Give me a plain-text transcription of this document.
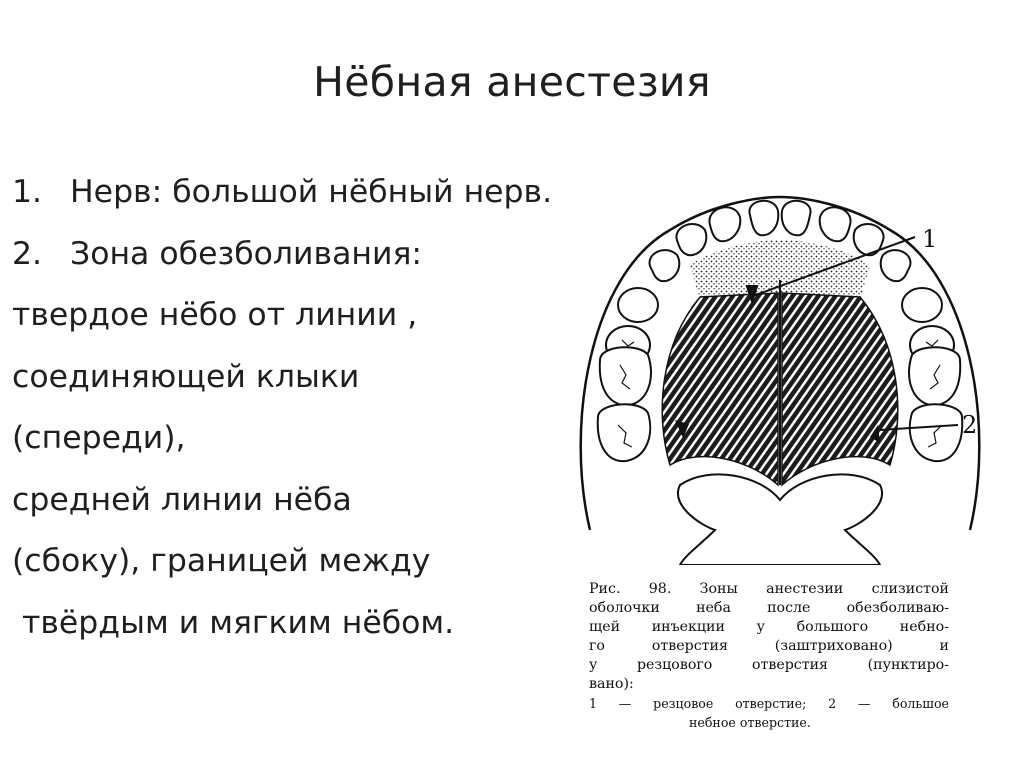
Нёбная анестезия
1. Нерв: большой нёбный нерв.
2. Зона обезболивания:
твердое нёбо от линии ,
соединяющей клыки
(спереди),
средней линии нёба
(сбоку), границей между
твёрдым и мягким нёбом.
1
2
Рис. 98. Зоны анестезии слизистой
оболочки неба после обезболиваю-
щей инъекции у большого небно-
го отверстия (заштриховано) и
у резцового отверстия (пунктиро-
вано):
1 — резцовое отверстие; 2 — большое
небное отверстие.
